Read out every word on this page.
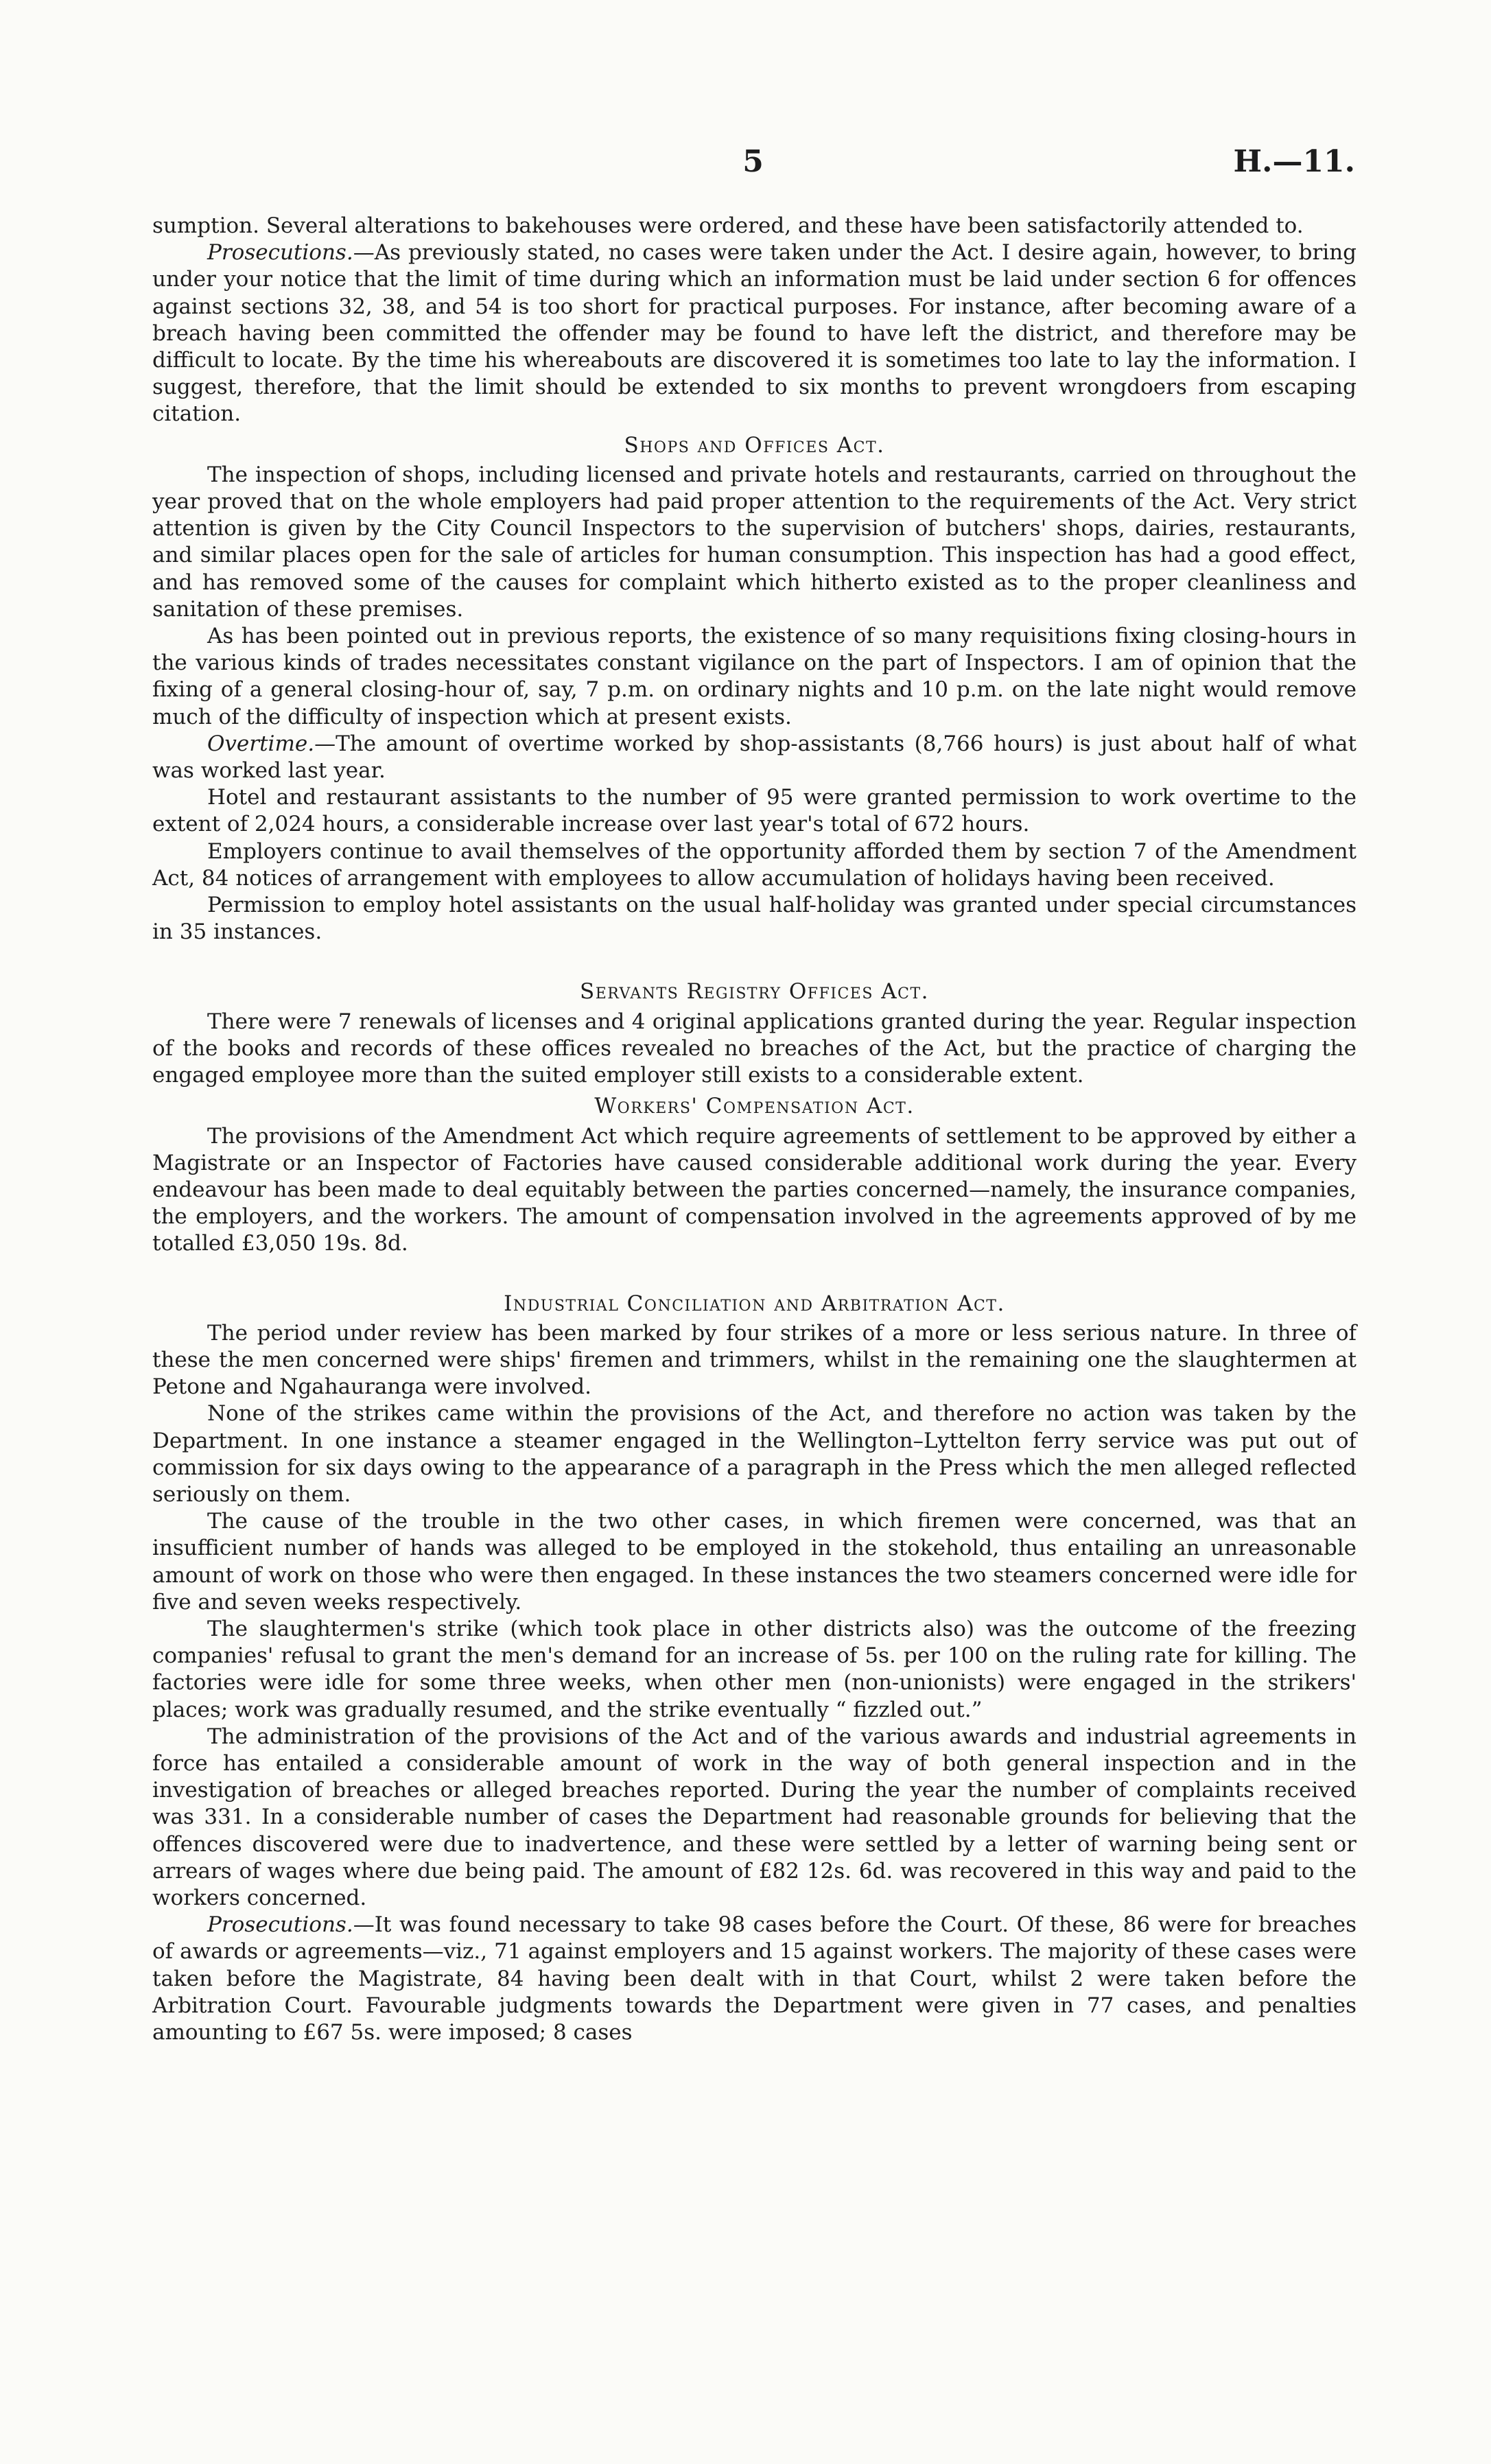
5	H.—11.

sumption. Several alterations to bakehouses were ordered, and these have been satisfactorily attended to.

Prosecutions.—As previously stated, no cases were taken under the Act. I desire again, however, to bring under your notice that the limit of time during which an information must be laid under section 6 for offences against sections 32, 38, and 54 is too short for practical purposes. For instance, after becoming aware of a breach having been committed the offender may be found to have left the district, and therefore may be difficult to locate. By the time his whereabouts are discovered it is sometimes too late to lay the information. I suggest, therefore, that the limit should be extended to six months to prevent wrongdoers from escaping citation.

Shops and Offices Act.

The inspection of shops, including licensed and private hotels and restaurants, carried on throughout the year proved that on the whole employers had paid proper attention to the requirements of the Act. Very strict attention is given by the City Council Inspectors to the supervision of butchers' shops, dairies, restaurants, and similar places open for the sale of articles for human consumption. This inspection has had a good effect, and has removed some of the causes for complaint which hitherto existed as to the proper cleanliness and sanitation of these premises.

As has been pointed out in previous reports, the existence of so many requisitions fixing closing-hours in the various kinds of trades necessitates constant vigilance on the part of Inspectors. I am of opinion that the fixing of a general closing-hour of, say, 7 p.m. on ordinary nights and 10 p.m. on the late night would remove much of the difficulty of inspection which at present exists.

Overtime.—The amount of overtime worked by shop-assistants (8,766 hours) is just about half of what was worked last year.

Hotel and restaurant assistants to the number of 95 were granted permission to work overtime to the extent of 2,024 hours, a considerable increase over last year's total of 672 hours.

Employers continue to avail themselves of the opportunity afforded them by section 7 of the Amendment Act, 84 notices of arrangement with employees to allow accumulation of holidays having been received.

Permission to employ hotel assistants on the usual half-holiday was granted under special circumstances in 35 instances.

Servants Registry Offices Act.

There were 7 renewals of licenses and 4 original applications granted during the year. Regular inspection of the books and records of these offices revealed no breaches of the Act, but the practice of charging the engaged employee more than the suited employer still exists to a considerable extent.

Workers' Compensation Act.

The provisions of the Amendment Act which require agreements of settlement to be approved by either a Magistrate or an Inspector of Factories have caused considerable additional work during the year. Every endeavour has been made to deal equitably between the parties concerned—namely, the insurance companies, the employers, and the workers. The amount of compensation involved in the agreements approved of by me totalled £3,050 19s. 8d.

Industrial Conciliation and Arbitration Act.

The period under review has been marked by four strikes of a more or less serious nature. In three of these the men concerned were ships' firemen and trimmers, whilst in the remaining one the slaughtermen at Petone and Ngahauranga were involved.

None of the strikes came within the provisions of the Act, and therefore no action was taken by the Department. In one instance a steamer engaged in the Wellington–Lyttelton ferry service was put out of commission for six days owing to the appearance of a paragraph in the Press which the men alleged reflected seriously on them.

The cause of the trouble in the two other cases, in which firemen were concerned, was that an insufficient number of hands was alleged to be employed in the stokehold, thus entailing an unreasonable amount of work on those who were then engaged. In these instances the two steamers concerned were idle for five and seven weeks respectively.

The slaughtermen's strike (which took place in other districts also) was the outcome of the freezing companies' refusal to grant the men's demand for an increase of 5s. per 100 on the ruling rate for killing. The factories were idle for some three weeks, when other men (non-unionists) were engaged in the strikers' places; work was gradually resumed, and the strike eventually “ fizzled out.”

The administration of the provisions of the Act and of the various awards and industrial agreements in force has entailed a considerable amount of work in the way of both general inspection and in the investigation of breaches or alleged breaches reported. During the year the number of complaints received was 331. In a considerable number of cases the Department had reasonable grounds for believing that the offences discovered were due to inadvertence, and these were settled by a letter of warning being sent or arrears of wages where due being paid. The amount of £82 12s. 6d. was recovered in this way and paid to the workers concerned.

Prosecutions.—It was found necessary to take 98 cases before the Court. Of these, 86 were for breaches of awards or agreements—viz., 71 against employers and 15 against workers. The majority of these cases were taken before the Magistrate, 84 having been dealt with in that Court, whilst 2 were taken before the Arbitration Court. Favourable judgments towards the Department were given in 77 cases, and penalties amounting to £67 5s. were imposed; 8 cases
